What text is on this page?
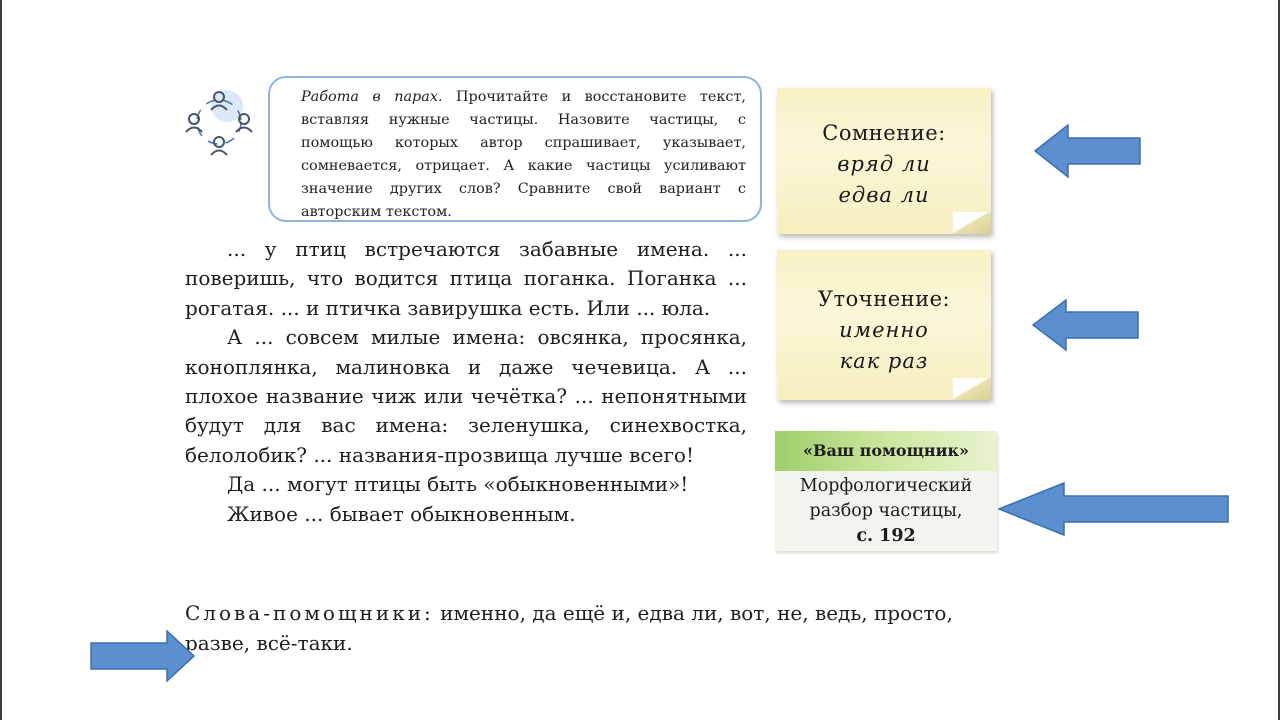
Работа в парах. Прочитайте и восстановите текст, вставляя нужные частицы. Назовите частицы, с помощью которых автор спрашивает, указывает, сомневается, отрицает. А какие частицы усиливают значение других слов? Сравните свой вариант с авторским текстом.

... у птиц встречаются забавные имена. ... поверишь, что водится птица поганка. Поганка ... рогатая. ... и птичка завирушка есть. Или ... юла.

А ... совсем милые имена: овсянка, просянка, коноплянка, малиновка и даже чечевица. А ... плохое название чиж или чечётка? ... непонятными будут для вас имена: зеленушка, синехвостка, белолобик? ... названия-прозвища лучше всего!

Да ... могут птицы быть «обыкновенными»!

Живое ... бывает обыкновенным.

Слова-помощники: именно, да ещё и, едва ли, вот, не, ведь, просто, разве, всё-таки.
Сомнение:
вряд ли
едва ли
Уточнение:
именно
как раз
«Ваш помощник»
Морфологический
разбор частицы,
с. 192
